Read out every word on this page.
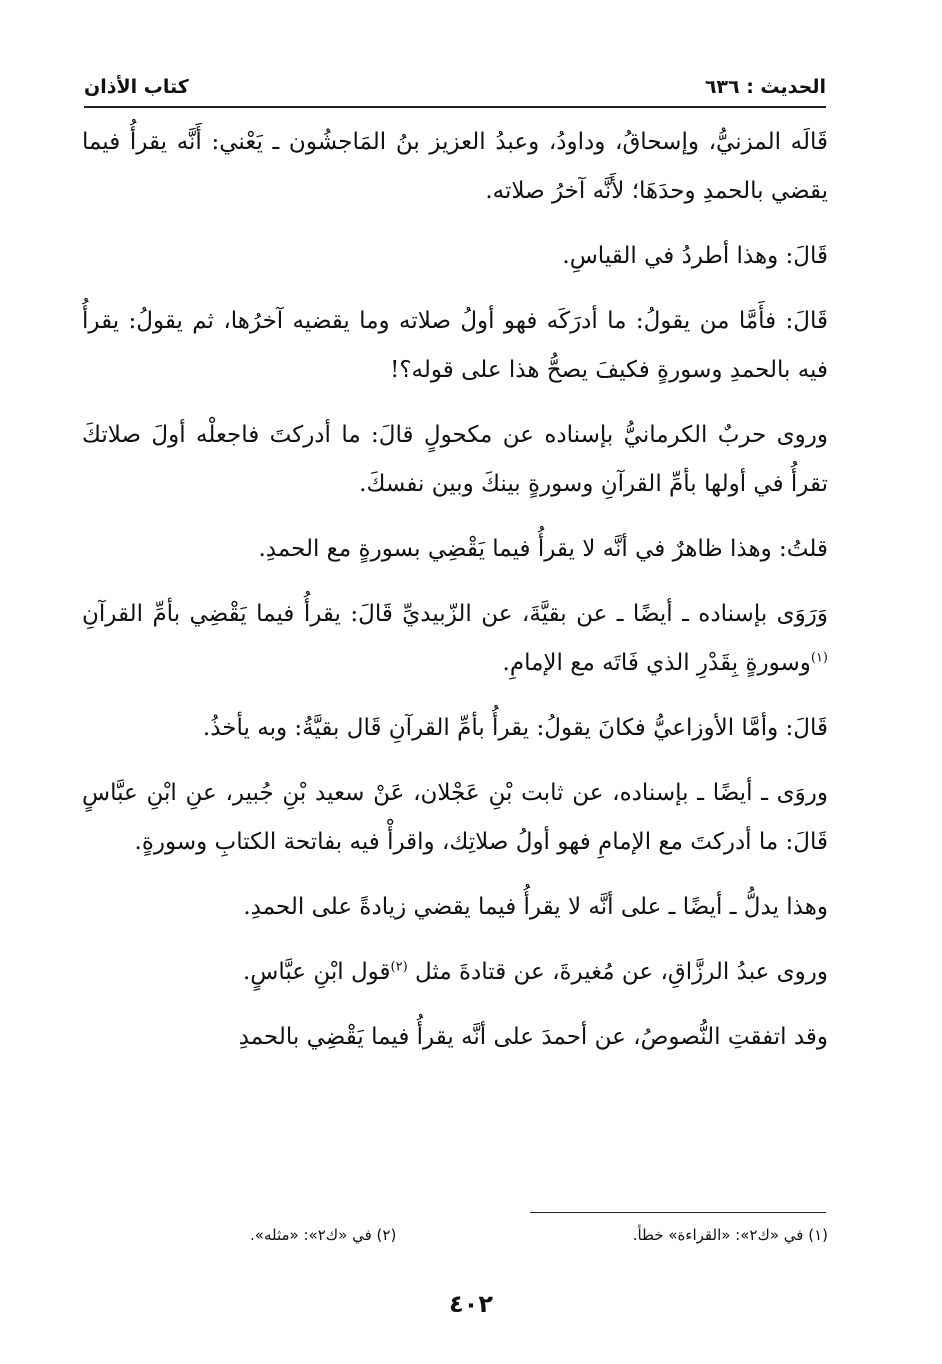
الحديث : ٦٣٦
كتاب الأذان

قَالَه المزنيُّ، وإسحاقُ، وداودُ، وعبدُ العزيز بنُ المَاجشُون ـ يَعْني: أَنَّه يقرأُ فيما يقضي بالحمدِ وحدَهَا؛ لأَنَّه آخرُ صلاته.

قَالَ: وهذا أطردُ في القياسِ.

قَالَ: فأَمَّا من يقولُ: ما أدرَكَه فهو أولُ صلاته وما يقضيه آخرُها، ثم يقولُ: يقرأُ فيه بالحمدِ وسورةٍ فكيفَ يصحُّ هذا على قوله؟!

وروى حربٌ الكرمانيُّ بإسناده عن مكحولٍ قالَ: ما أدركتَ فاجعلْه أولَ صلاتكَ تقرأُ في أولها بأمِّ القرآنِ وسورةٍ بينكَ وبين نفسكَ.

قلتُ: وهذا ظاهرٌ في أنَّه لا يقرأُ فيما يَقْضِي بسورةٍ مع الحمدِ.

وَرَوَى بإسناده ـ أيضًا ـ عن بقيَّةَ، عن الزّبيديِّ قَالَ: يقرأُ فيما يَقْضِي بأمِّ القرآنِ $^{(١)}$وسورةٍ بِقَدْرِ الذي فَاتَه مع الإمامِ.

قَالَ: وأمَّا الأوزاعيُّ فكانَ يقولُ: يقرأُ بأمِّ القرآنِ قَال بقيَّةُ: وبه يأخذُ.

وروَى ـ أيضًا ـ بإسناده، عن ثابت بْنِ عَجْلان، عَنْ سعيد بْنِ جُبير، عنِ ابْنِ عبَّاسٍ قَالَ: ما أدركتَ مع الإمامِ فهو أولُ صلاتِك، واقرأْ فيه بفاتحة الكتابِ وسورةٍ.

وهذا يدلُّ ـ أيضًا ـ على أنَّه لا يقرأُ فيما يقضي زيادةً على الحمدِ.

وروى عبدُ الرزَّاقِ، عن مُغيرةَ، عن قتادةَ مثل $^{(٢)}$قول ابْنِ عبَّاسٍ.

وقد اتفقتِ النُّصوصُ، عن أحمدَ على أنَّه يقرأُ فيما يَقْضِي بالحمدِ

(١) في «ك٢»: «القراءة» خطأ.
(٢) في «ك٢»: «مثله».
٤٠٢
